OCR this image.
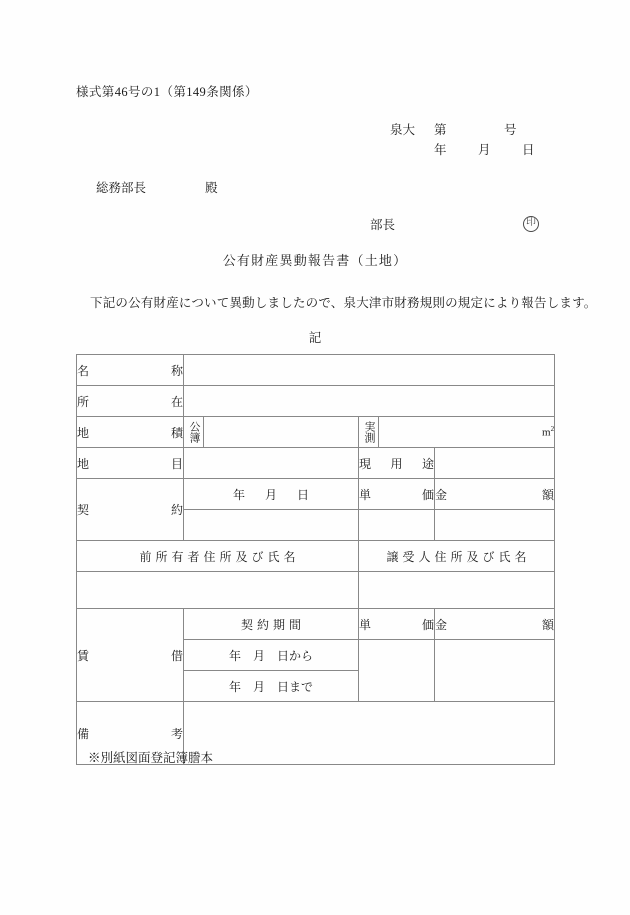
様式第46号の1（第149条関係）
泉大	第	号
年	月	日
総務部長	殿
部長	印
公有財産異動報告書（土地）
下記の公有財産について異動しましたので、泉大津市財務規則の規定により報告します。
記
名称					
所在					
地積	公簿		実測	$m^2$
地目			現用途		
契約	年　月　日		単価		金額

前所有者住所及び氏名			譲受人住所及び氏名		

賃借	契約期間		単価		金額
	年　月　日から				
	年　月　日まで				
備考					
※別紙図面登記簿謄本
